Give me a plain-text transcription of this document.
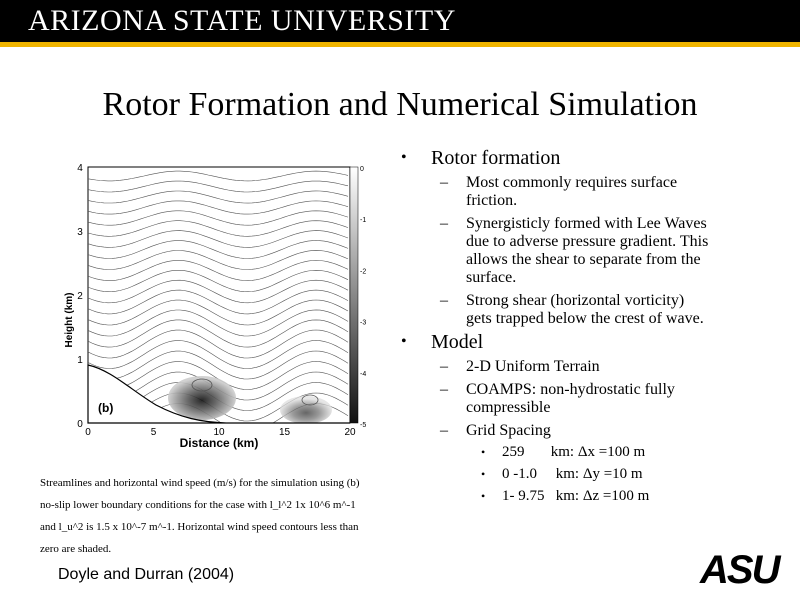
ARIZONA STATE UNIVERSITY
Rotor Formation and Numerical Simulation
0
1
2
3
4
0	5	10	15	20
0
-1
-2
-3
-4
-5
Height (km)
Distance (km)
(b)
Streamlines and horizontal wind speed (m/s) for the simulation using (b)
no-slip lower boundary conditions for the case with l_l^2 1x 10^6 m^-1
and l_u^2 is 1.5 x 10^-7 m^-1. Horizontal wind speed contours less than
zero are shaded.
Doyle and Durran (2004)
• Rotor formation
– Most commonly requires surface
friction.
– Synergisticly formed with Lee Waves
due to adverse pressure gradient. This
allows the shear to separate from the
surface.
– Strong shear (horizontal vorticity)
gets trapped below the crest of wave.
• Model
– 2-D Uniform Terrain
– COAMPS: non-hydrostatic fully
compressible
– Grid Spacing
• 259       km: Δx =100 m
• 0 -1.0     km: Δy =10 m
• 1- 9.75   km: Δz =100 m
ASU
